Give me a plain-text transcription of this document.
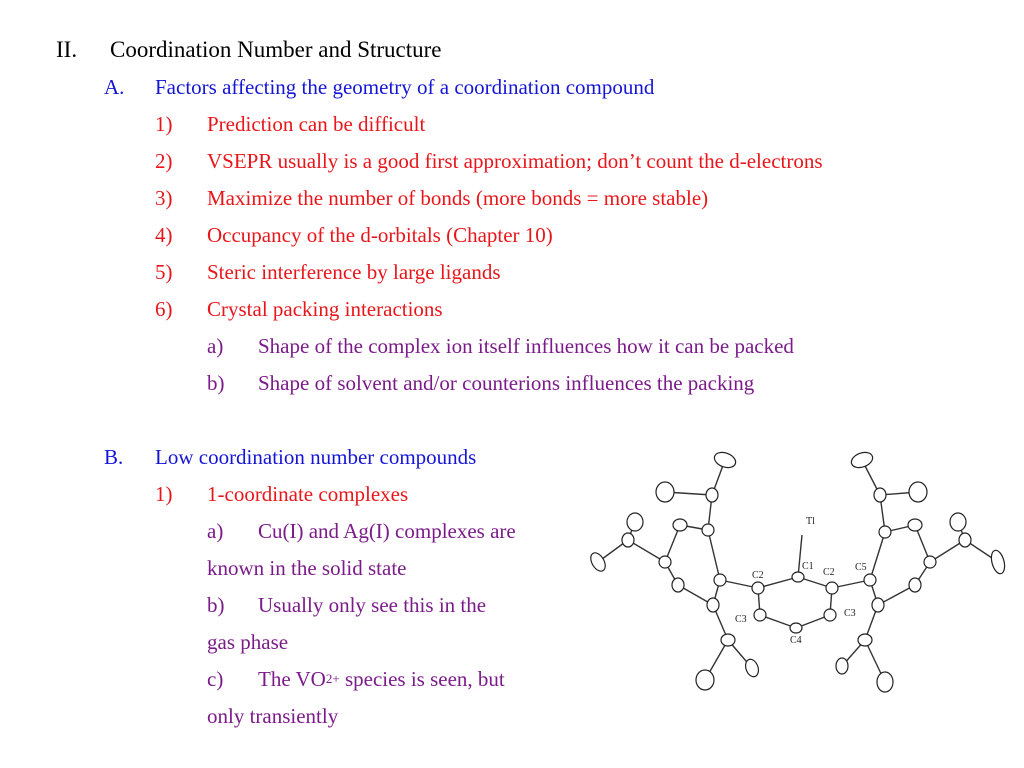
II. Coordination Number and Structure
A. Factors affecting the geometry of a coordination compound
1) Prediction can be difficult
2) VSEPR usually is a good first approximation; don’t count the d-electrons
3) Maximize the number of bonds (more bonds = more stable)
4) Occupancy of the d-orbitals (Chapter 10)
5) Steric interference by large ligands
6) Crystal packing interactions
a) Shape of the complex ion itself influences how it can be packed
b) Shape of solvent and/or counterions influences the packing
B. Low coordination number compounds
1) 1-coordinate complexes
a) Cu(I) and Ag(I) complexes are
known in the solid state
b) Usually only see this in the
gas phase
c) The $VO^{2+}$ species is seen, but
only transiently
Tl
C1
C2	C2 C5
C3
C3
C4
